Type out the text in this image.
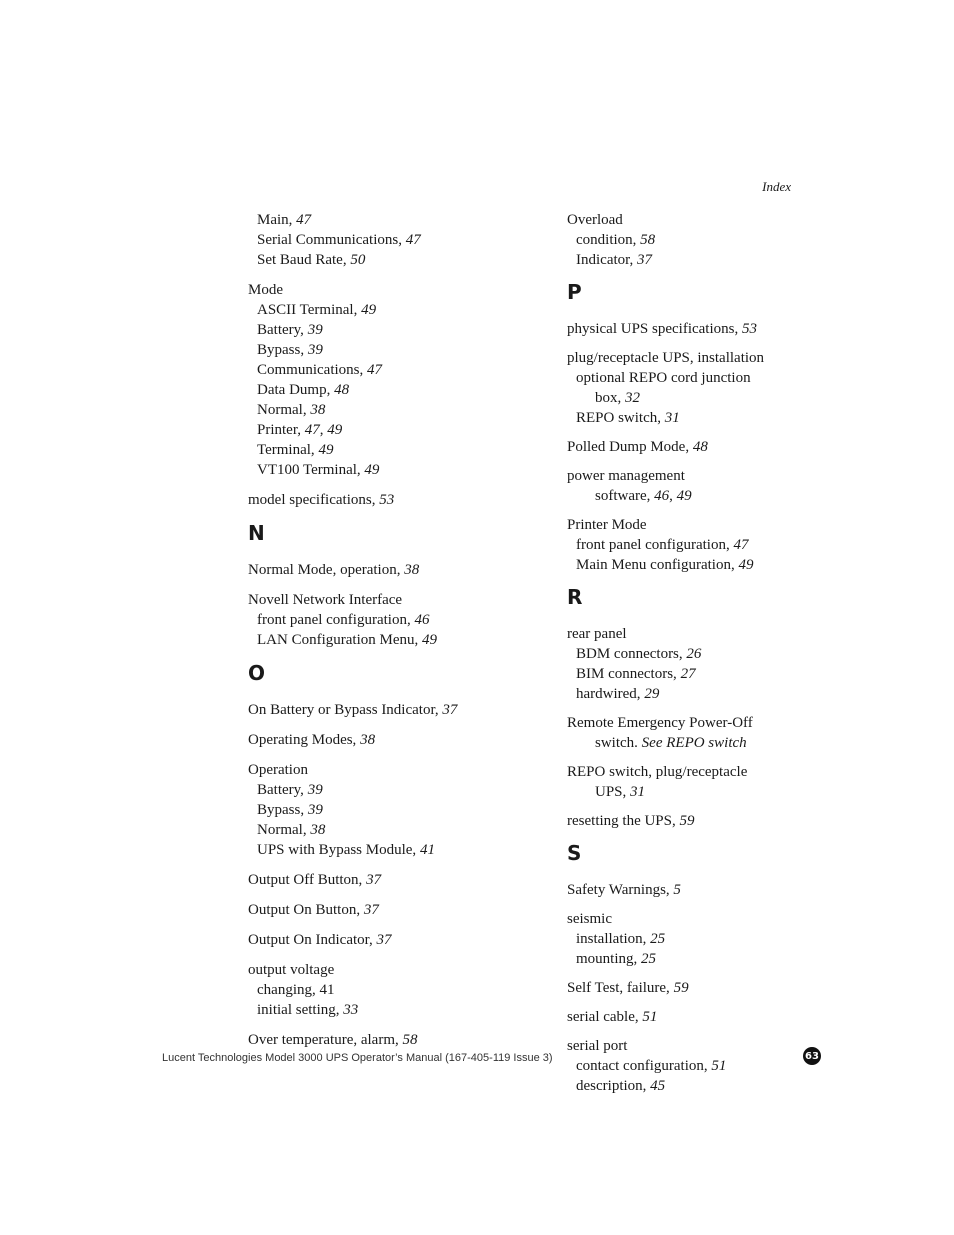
Index
Main, 47
Serial Communications, 47
Set Baud Rate, 50
Mode
ASCII Terminal, 49
Battery, 39
Bypass, 39
Communications, 47
Data Dump, 48
Normal, 38
Printer, 47, 49
Terminal, 49
VT100 Terminal, 49
model specifications, 53
N
Normal Mode, operation, 38
Novell Network Interface
front panel configuration, 46
LAN Configuration Menu, 49
O
On Battery or Bypass Indicator, 37
Operating Modes, 38
Operation
Battery, 39
Bypass, 39
Normal, 38
UPS with Bypass Module, 41
Output Off Button, 37
Output On Button, 37
Output On Indicator, 37
output voltage
changing, 41
initial setting, 33
Over temperature, alarm, 58
Overload
condition, 58
Indicator, 37
P
physical UPS specifications, 53
plug/receptacle UPS, installation
optional REPO cord junction
box, 32
REPO switch, 31
Polled Dump Mode, 48
power management
software, 46, 49
Printer Mode
front panel configuration, 47
Main Menu configuration, 49
R
rear panel
BDM connectors, 26
BIM connectors, 27
hardwired, 29
Remote Emergency Power-Off
switch. See REPO switch
REPO switch, plug/receptacle
UPS, 31
resetting the UPS, 59
S
Safety Warnings, 5
seismic
installation, 25
mounting, 25
Self Test, failure, 59
serial cable, 51
serial port
contact configuration, 51
description, 45
Lucent Technologies Model 3000 UPS Operator’s Manual (167-405-119 Issue 3)	63
